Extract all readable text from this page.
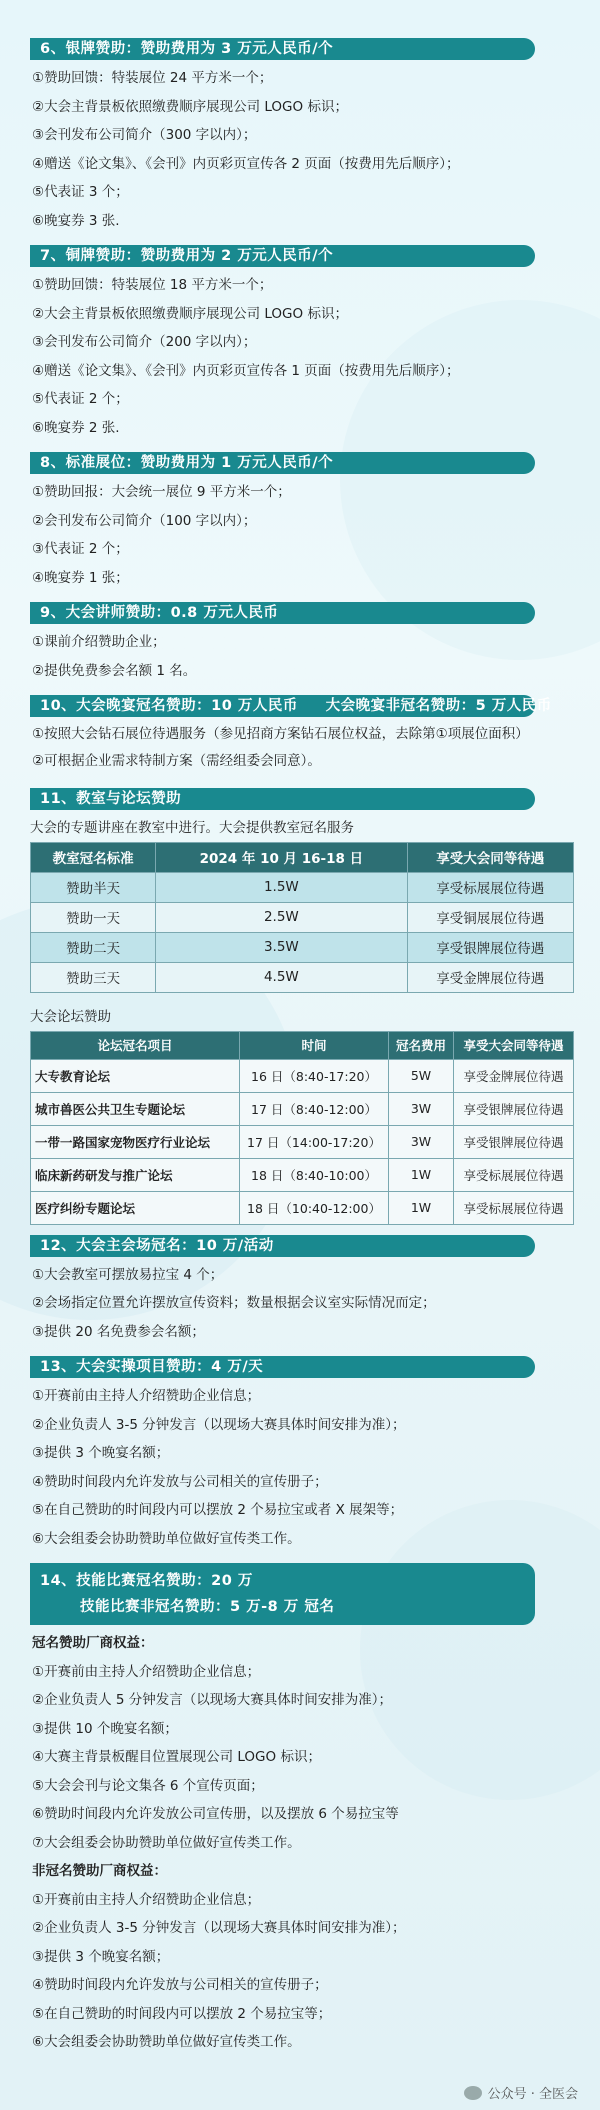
6、银牌赞助：赞助费用为 3 万元人民币/个
①赞助回馈：特装展位 24 平方米一个；
②大会主背景板依照缴费顺序展现公司 LOGO 标识；
③会刊发布公司简介（300 字以内）；
④赠送《论文集》、《会刊》内页彩页宣传各 2 页面（按费用先后顺序）；
⑤代表证 3 个；
⑥晚宴券 3 张.
7、铜牌赞助：赞助费用为 2 万元人民币/个
①赞助回馈：特装展位 18 平方米一个；
②大会主背景板依照缴费顺序展现公司 LOGO 标识；
③会刊发布公司简介（200 字以内）；
④赠送《论文集》、《会刊》内页彩页宣传各 1 页面（按费用先后顺序）；
⑤代表证 2 个；
⑥晚宴券 2 张.
8、标准展位：赞助费用为 1 万元人民币/个
①赞助回报：大会统一展位 9 平方米一个；
②会刊发布公司简介（100 字以内）；
③代表证 2 个；
④晚宴券 1 张；
9、大会讲师赞助：0.8 万元人民币
①课前介绍赞助企业；
②提供免费参会名额 1 名。
10、大会晚宴冠名赞助：10 万人民币     大会晚宴非冠名赞助：5 万人民币
①按照大会钻石展位待遇服务（参见招商方案钻石展位权益，去除第①项展位面积）
②可根据企业需求特制方案（需经组委会同意）。
11、教室与论坛赞助
大会的专题讲座在教室中进行。大会提供教室冠名服务
教室冠名标准	2024 年 10 月 16-18 日	享受大会同等待遇
赞助半天	1.5W	享受标展展位待遇
赞助一天	2.5W	享受铜展展位待遇
赞助二天	3.5W	享受银牌展位待遇
赞助三天	4.5W	享受金牌展位待遇
大会论坛赞助
论坛冠名项目	时间	冠名费用	享受大会同等待遇
大专教育论坛	16 日（8:40-17:20）	5W	享受金牌展位待遇
城市兽医公共卫生专题论坛	17 日（8:40-12:00）	3W	享受银牌展位待遇
一带一路国家宠物医疗行业论坛	17 日（14:00-17:20）	3W	享受银牌展位待遇
临床新药研发与推广论坛	18 日（8:40-10:00）	1W	享受标展展位待遇
医疗纠纷专题论坛	18 日（10:40-12:00）	1W	享受标展展位待遇
12、大会主会场冠名：10 万/活动
①大会教室可摆放易拉宝 4 个；
②会场指定位置允许摆放宣传资料；数量根据会议室实际情况而定；
③提供 20 名免费参会名额；
13、大会实操项目赞助：4 万/天
①开赛前由主持人介绍赞助企业信息；
②企业负责人 3-5 分钟发言（以现场大赛具体时间安排为准）；
③提供 3 个晚宴名额；
④赞助时间段内允许发放与公司相关的宣传册子；
⑤在自己赞助的时间段内可以摆放 2 个易拉宝或者 X 展架等；
⑥大会组委会协助赞助单位做好宣传类工作。
14、技能比赛冠名赞助：20 万
技能比赛非冠名赞助：5 万-8 万 冠名
冠名赞助厂商权益：
①开赛前由主持人介绍赞助企业信息；
②企业负责人 5 分钟发言（以现场大赛具体时间安排为准）；
③提供 10 个晚宴名额；
④大赛主背景板醒目位置展现公司 LOGO 标识；
⑤大会会刊与论文集各 6 个宣传页面；
⑥赞助时间段内允许发放公司宣传册，以及摆放 6 个易拉宝等
⑦大会组委会协助赞助单位做好宣传类工作。
非冠名赞助厂商权益：
①开赛前由主持人介绍赞助企业信息；
②企业负责人 3-5 分钟发言（以现场大赛具体时间安排为准）；
③提供 3 个晚宴名额；
④赞助时间段内允许发放与公司相关的宣传册子；
⑤在自己赞助的时间段内可以摆放 2 个易拉宝等；
⑥大会组委会协助赞助单位做好宣传类工作。
公众号 · 全医会
